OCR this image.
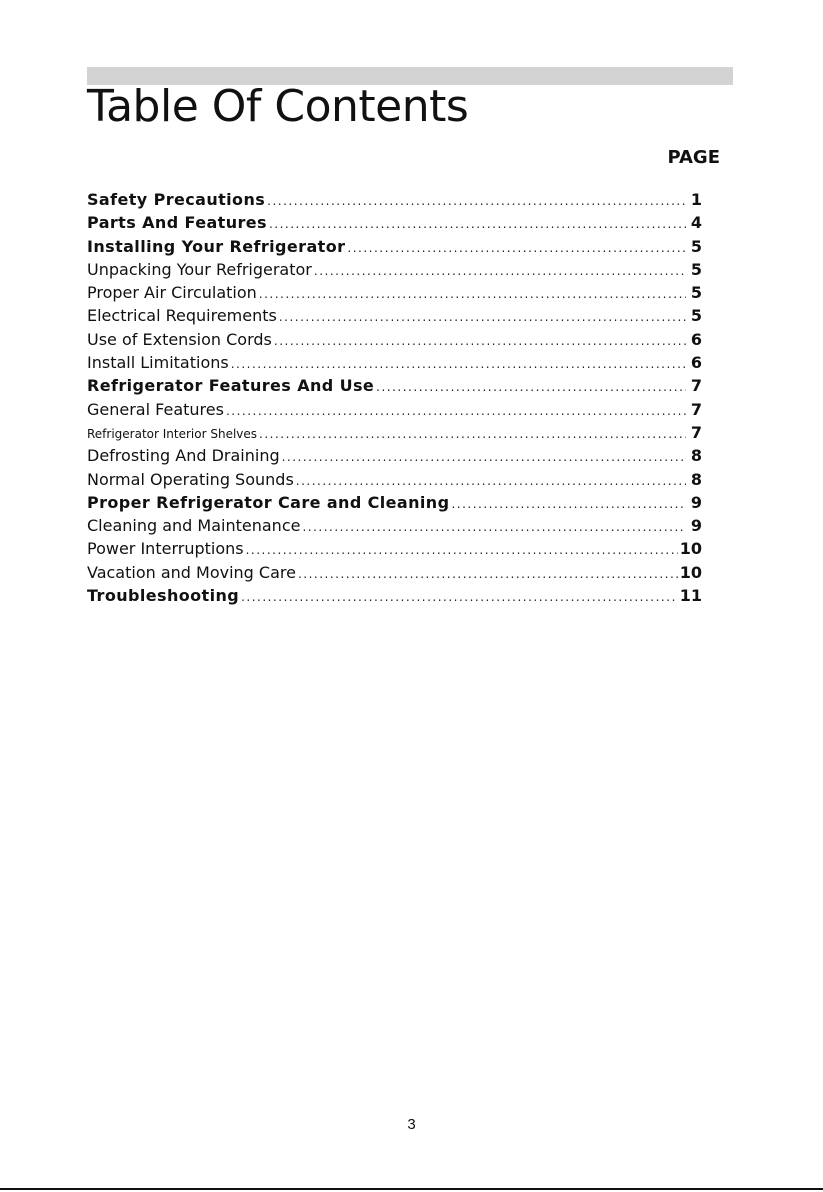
Table Of Contents
PAGE
Safety Precautions .....	1
Parts And Features .....	4
Installing Your Refrigerator .....	5
Unpacking Your Refrigerator .....	5
Proper Air Circulation .....	5
Electrical Requirements .....	5
Use of Extension Cords .....	6
Install Limitations .....	6
Refrigerator Features And Use .....	7
General Features .....	7
Refrigerator Interior Shelves .....	7
Defrosting And Draining .....	8
Normal Operating Sounds .....	8
Proper Refrigerator Care and Cleaning .....	9
Cleaning and Maintenance .....	9
Power Interruptions .....	10
Vacation and Moving Care .....	10
Troubleshooting .....	11
3
